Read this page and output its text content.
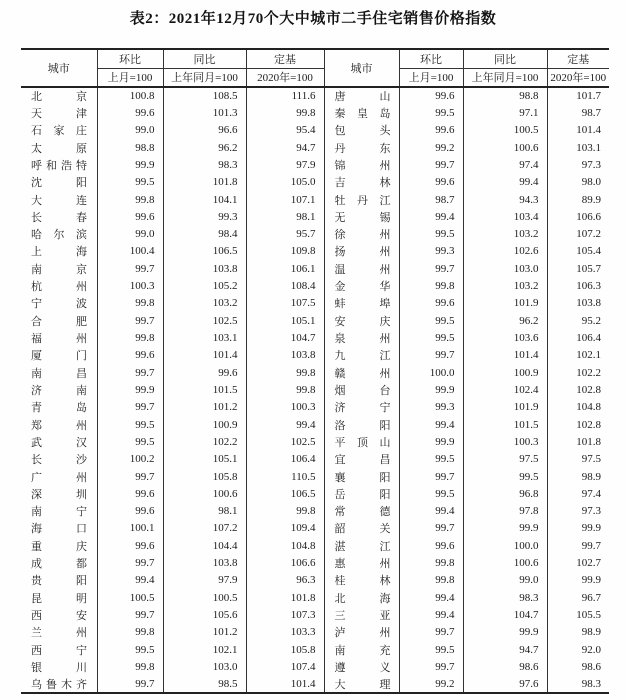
表2：2021年12月70个大中城市二手住宅销售价格指数
城市	环比	同比	定基	城市	环比	同比	定基
	上月=100	上年同月=100	2020年=100		上月=100	上年同月=100	2020年=100
北京	100.8	108.5	111.6	唐山	99.6	98.8	101.7
天津	99.6	101.3	99.8	秦皇岛	99.5	97.1	98.7
石家庄	99.0	96.6	95.4	包头	99.6	100.5	101.4
太原	98.8	96.2	94.7	丹东	99.2	100.6	103.1
呼和浩特	99.9	98.3	97.9	锦州	99.7	97.4	97.3
沈阳	99.5	101.8	105.0	吉林	99.6	99.4	98.0
大连	99.8	104.1	107.1	牡丹江	98.7	94.3	89.9
长春	99.6	99.3	98.1	无锡	99.4	103.4	106.6
哈尔滨	99.0	98.4	95.7	徐州	99.5	103.2	107.2
上海	100.4	106.5	109.8	扬州	99.3	102.6	105.4
南京	99.7	103.8	106.1	温州	99.7	103.0	105.7
杭州	100.3	105.2	108.4	金华	99.8	103.2	106.3
宁波	99.8	103.2	107.5	蚌埠	99.6	101.9	103.8
合肥	99.7	102.5	105.1	安庆	99.5	96.2	95.2
福州	99.8	103.1	104.7	泉州	99.5	103.6	106.4
厦门	99.6	101.4	103.8	九江	99.7	101.4	102.1
南昌	99.7	99.6	99.8	赣州	100.0	100.9	102.2
济南	99.9	101.5	99.8	烟台	99.9	102.4	102.8
青岛	99.7	101.2	100.3	济宁	99.3	101.9	104.8
郑州	99.5	100.9	99.4	洛阳	99.4	101.5	102.8
武汉	99.5	102.2	102.5	平顶山	99.9	100.3	101.8
长沙	100.2	105.1	106.4	宜昌	99.5	97.5	97.5
广州	99.7	105.8	110.5	襄阳	99.7	99.5	98.9
深圳	99.6	100.6	106.5	岳阳	99.5	96.8	97.4
南宁	99.6	98.1	99.8	常德	99.4	97.8	97.3
海口	100.1	107.2	109.4	韶关	99.7	99.9	99.9
重庆	99.6	104.4	104.8	湛江	99.6	100.0	99.7
成都	99.7	103.8	106.6	惠州	99.8	100.6	102.7
贵阳	99.4	97.9	96.3	桂林	99.8	99.0	99.9
昆明	100.5	100.5	101.8	北海	99.4	98.3	96.7
西安	99.7	105.6	107.3	三亚	99.4	104.7	105.5
兰州	99.8	101.2	103.3	泸州	99.7	99.9	98.9
西宁	99.5	102.1	105.8	南充	99.5	94.7	92.0
银川	99.8	103.0	107.4	遵义	99.7	98.6	98.6
乌鲁木齐	99.7	98.5	101.4	大理	99.2	97.6	98.3
